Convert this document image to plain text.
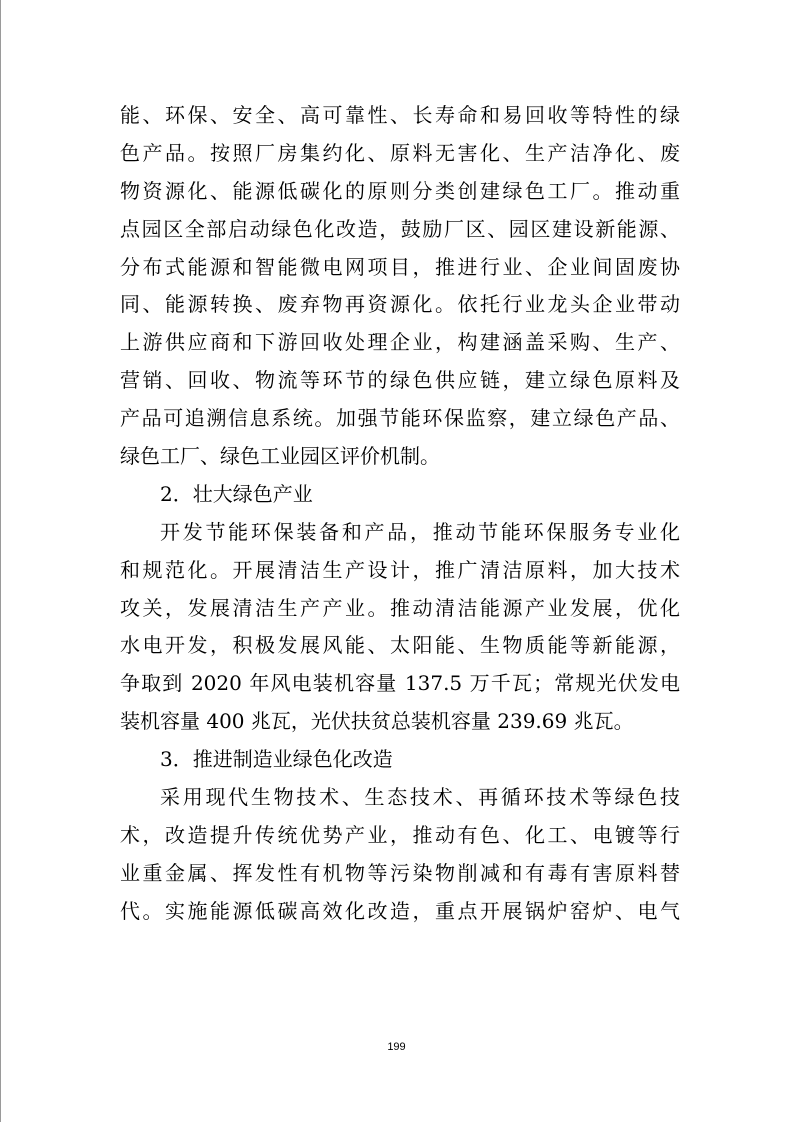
能、环保、安全、高可靠性、长寿命和易回收等特性的绿
色产品。按照厂房集约化、原料无害化、生产洁净化、废
物资源化、能源低碳化的原则分类创建绿色工厂。推动重
点园区全部启动绿色化改造，鼓励厂区、园区建设新能源、
分布式能源和智能微电网项目，推进行业、企业间固废协
同、能源转换、废弃物再资源化。依托行业龙头企业带动
上游供应商和下游回收处理企业，构建涵盖采购、生产、
营销、回收、物流等环节的绿色供应链，建立绿色原料及
产品可追溯信息系统。加强节能环保监察，建立绿色产品、
绿色工厂、绿色工业园区评价机制。
2．壮大绿色产业
开发节能环保装备和产品，推动节能环保服务专业化
和规范化。开展清洁生产设计，推广清洁原料，加大技术
攻关，发展清洁生产产业。推动清洁能源产业发展，优化
水电开发，积极发展风能、太阳能、生物质能等新能源，
争取到 2020 年风电装机容量 137.5 万千瓦；常规光伏发电
装机容量 400 兆瓦，光伏扶贫总装机容量 239.69 兆瓦。
3．推进制造业绿色化改造
采用现代生物技术、生态技术、再循环技术等绿色技
术，改造提升传统优势产业，推动有色、化工、电镀等行
业重金属、挥发性有机物等污染物削减和有毒有害原料替
代。实施能源低碳高效化改造，重点开展锅炉窑炉、电气
199
